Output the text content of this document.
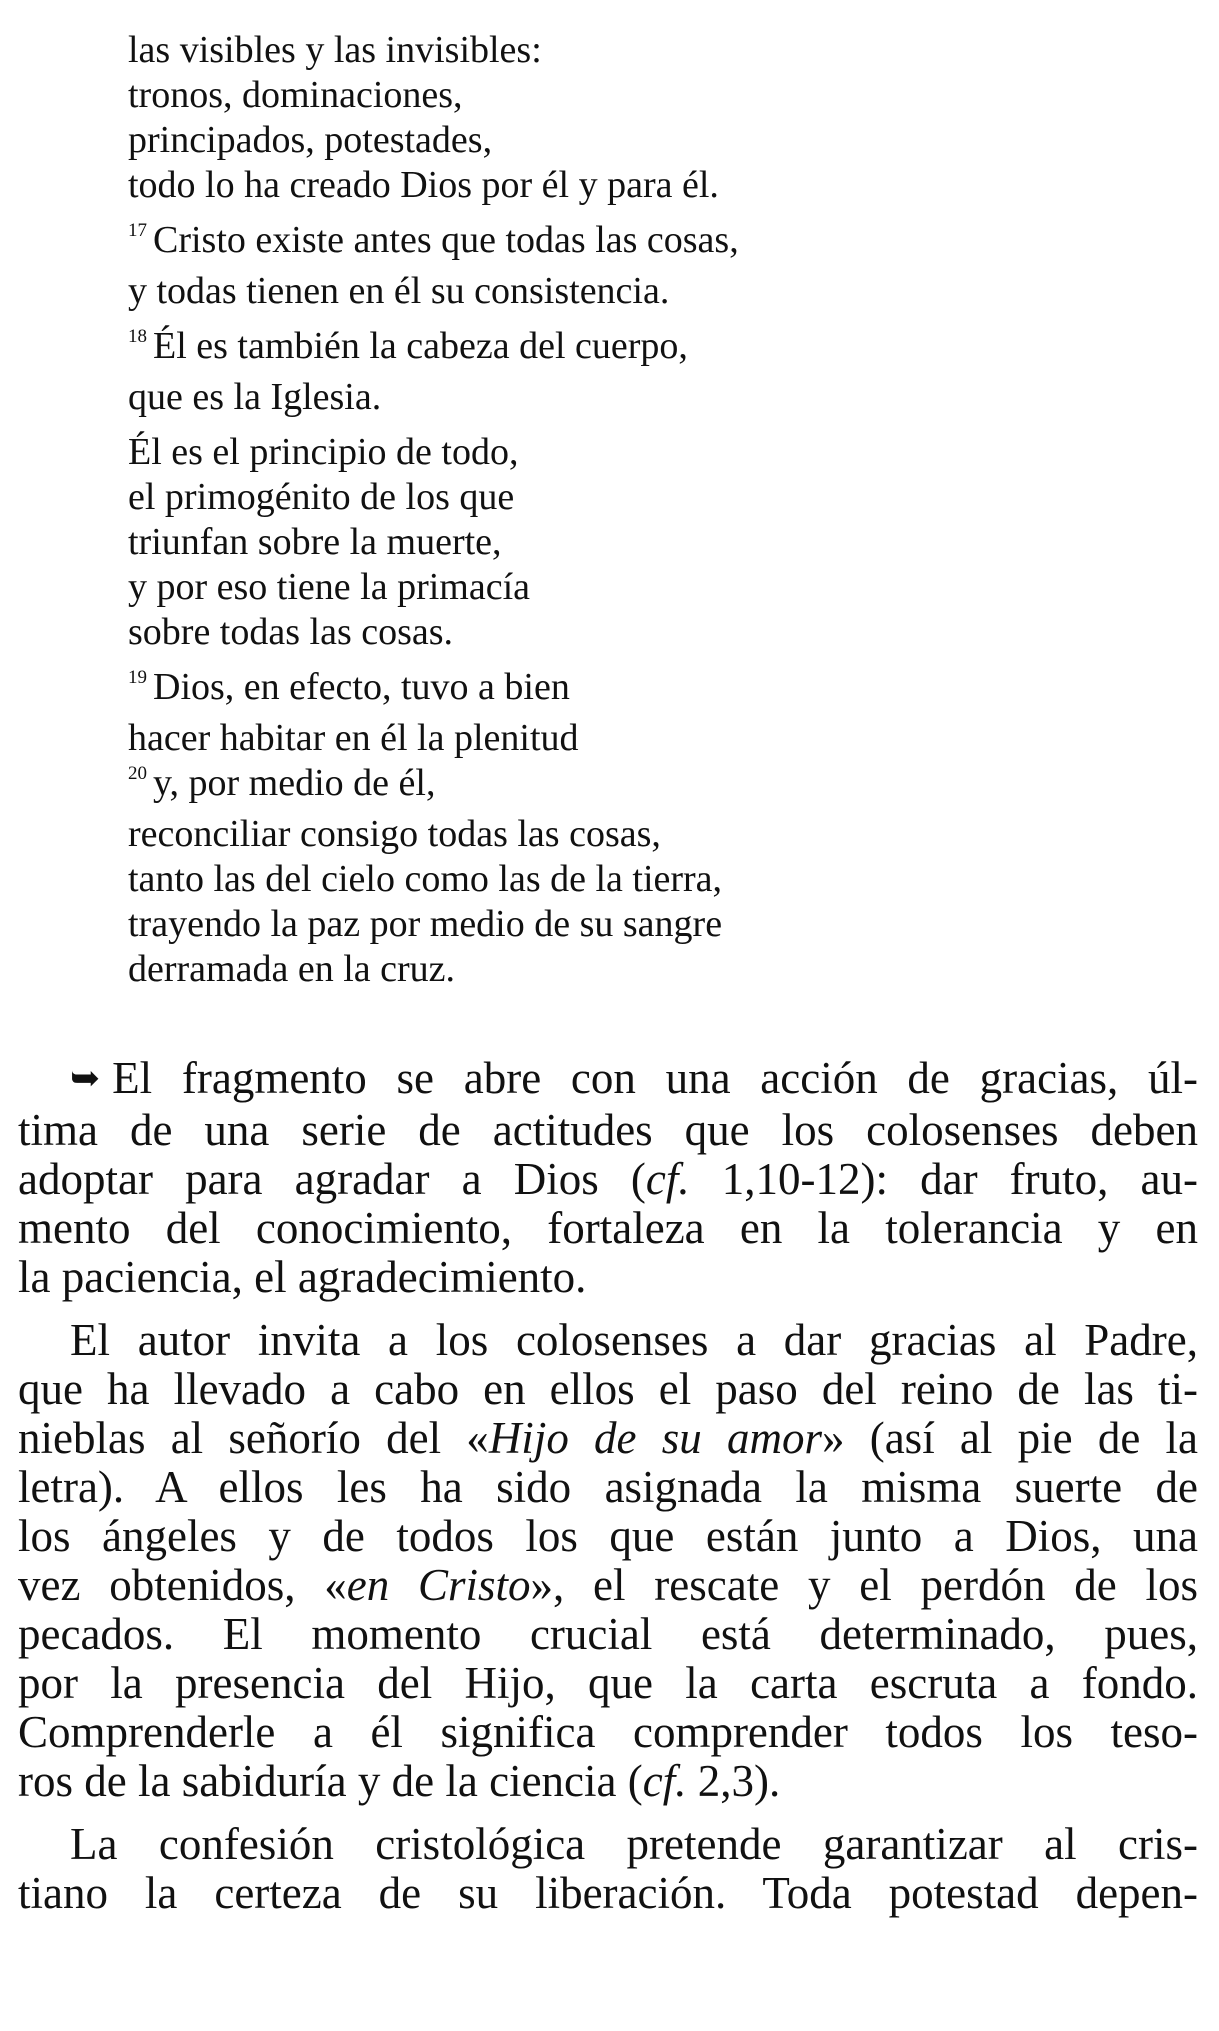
las visibles y las invisibles:
tronos, dominaciones,
principados, potestades,
todo lo ha creado Dios por él y para él.
$^{17}$ Cristo existe antes que todas las cosas,
y todas tienen en él su consistencia.
$^{18}$ Él es también la cabeza del cuerpo,
que es la Iglesia.
Él es el principio de todo,
el primogénito de los que
triunfan sobre la muerte,
y por eso tiene la primacía
sobre todas las cosas.
$^{19}$ Dios, en efecto, tuvo a bien
hacer habitar en él la plenitud
$^{20}$ y, por medio de él,
reconciliar consigo todas las cosas,
tanto las del cielo como las de la tierra,
trayendo la paz por medio de su sangre
derramada en la cruz.
➥ El fragmento se abre con una acción de gracias, úl-
tima de una serie de actitudes que los colosenses deben
adoptar para agradar a Dios (cf. 1,10-12): dar fruto, au-
mento del conocimiento, fortaleza en la tolerancia y en
la paciencia, el agradecimiento.
El autor invita a los colosenses a dar gracias al Padre,
que ha llevado a cabo en ellos el paso del reino de las ti-
nieblas al señorío del «Hijo de su amor» (así al pie de la
letra). A ellos les ha sido asignada la misma suerte de
los ángeles y de todos los que están junto a Dios, una
vez obtenidos, «en Cristo», el rescate y el perdón de los
pecados. El momento crucial está determinado, pues,
por la presencia del Hijo, que la carta escruta a fondo.
Comprenderle a él significa comprender todos los teso-
ros de la sabiduría y de la ciencia (cf. 2,3).
La confesión cristológica pretende garantizar al cris-
tiano la certeza de su liberación. Toda potestad depen-
